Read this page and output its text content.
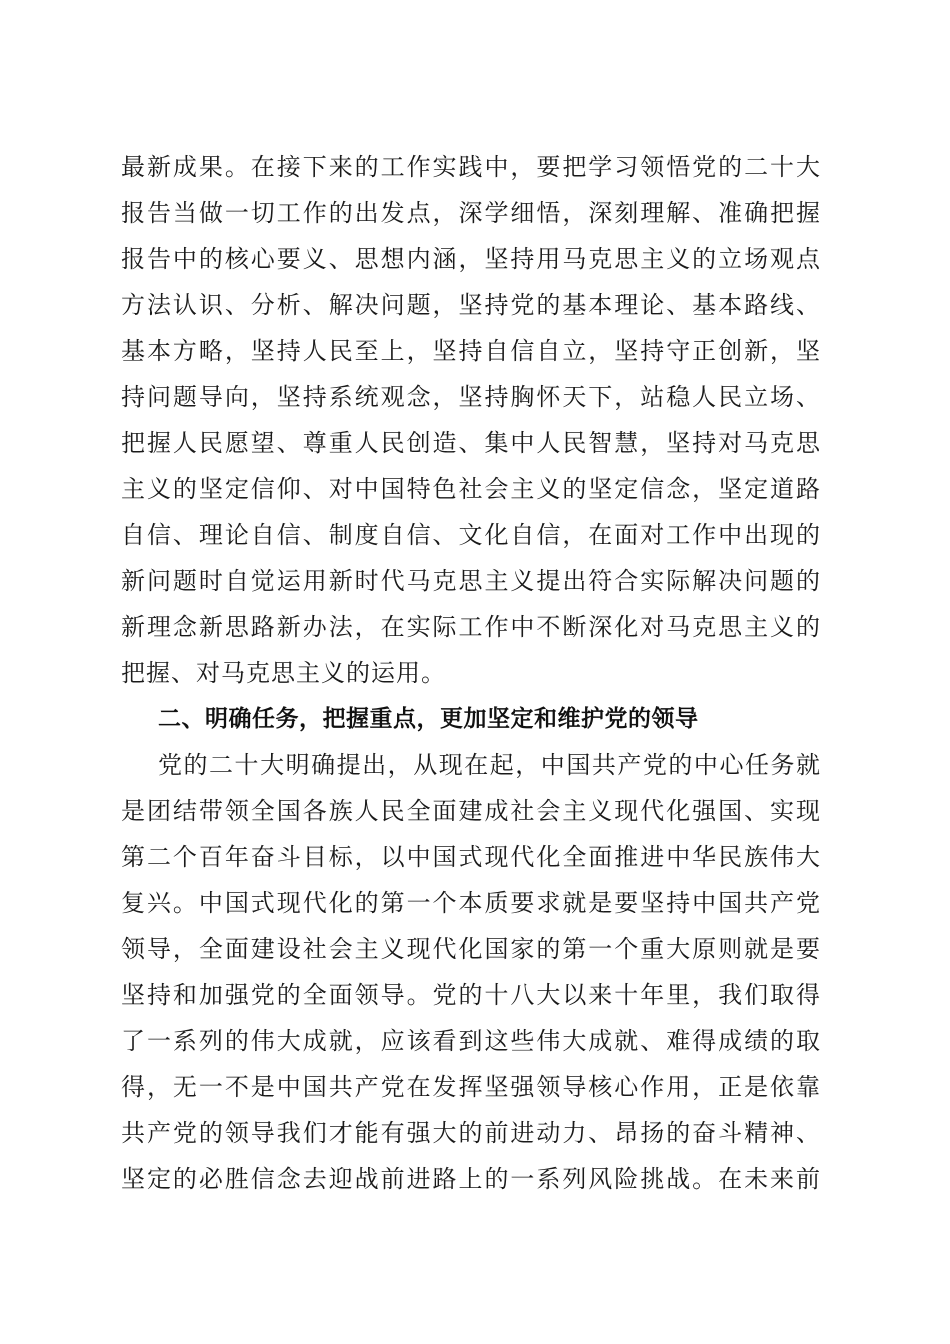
最新成果。在接下来的工作实践中，要把学习领悟党的二十大
报告当做一切工作的出发点，深学细悟，深刻理解、准确把握
报告中的核心要义、思想内涵，坚持用马克思主义的立场观点
方法认识、分析、解决问题，坚持党的基本理论、基本路线、
基本方略，坚持人民至上，坚持自信自立，坚持守正创新，坚
持问题导向，坚持系统观念，坚持胸怀天下，站稳人民立场、
把握人民愿望、尊重人民创造、集中人民智慧，坚持对马克思
主义的坚定信仰、对中国特色社会主义的坚定信念，坚定道路
自信、理论自信、制度自信、文化自信，在面对工作中出现的
新问题时自觉运用新时代马克思主义提出符合实际解决问题的
新理念新思路新办法，在实际工作中不断深化对马克思主义的
把握、对马克思主义的运用。
二、明确任务，把握重点，更加坚定和维护党的领导
党的二十大明确提出，从现在起，中国共产党的中心任务就
是团结带领全国各族人民全面建成社会主义现代化强国、实现
第二个百年奋斗目标，以中国式现代化全面推进中华民族伟大
复兴。中国式现代化的第一个本质要求就是要坚持中国共产党
领导，全面建设社会主义现代化国家的第一个重大原则就是要
坚持和加强党的全面领导。党的十八大以来十年里，我们取得
了一系列的伟大成就，应该看到这些伟大成就、难得成绩的取
得，无一不是中国共产党在发挥坚强领导核心作用，正是依靠
共产党的领导我们才能有强大的前进动力、昂扬的奋斗精神、
坚定的必胜信念去迎战前进路上的一系列风险挑战。在未来前
